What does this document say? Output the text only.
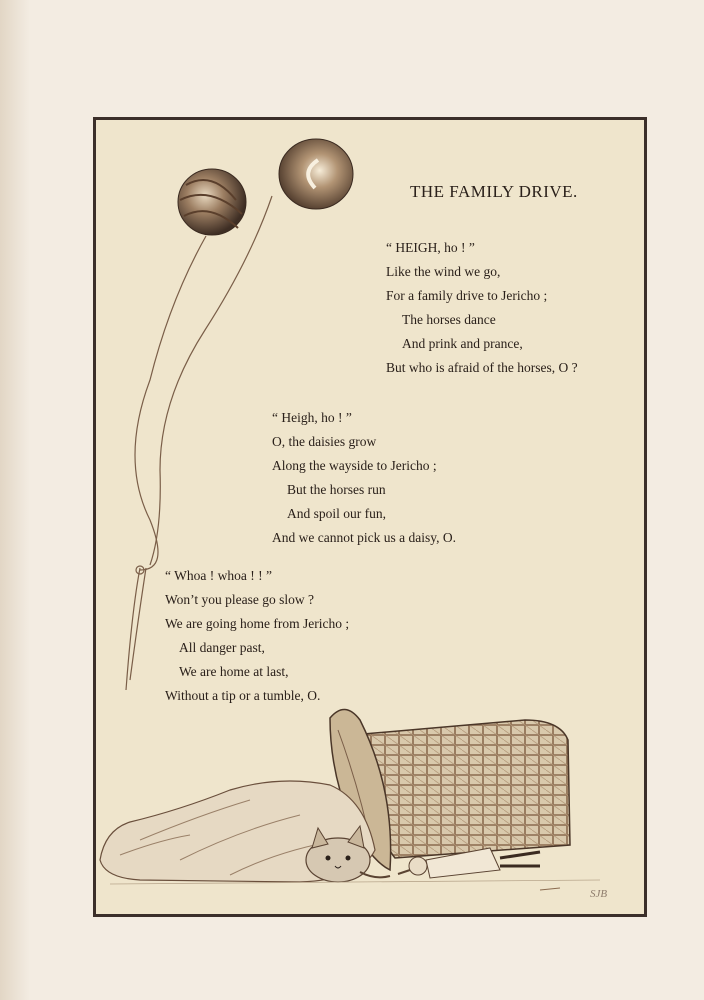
THE FAMILY DRIVE.
“ HEIGH, ho ! ”
Like the wind we go,
For a family drive to Jericho ;
The horses dance
And prink and prance,
But who is afraid of the horses, O ?
“ Heigh, ho ! ”
O, the daisies grow
Along the wayside to Jericho ;
But the horses run
And spoil our fun,
And we cannot pick us a daisy, O.
“ Whoa ! whoa ! ! ”
Won’t you please go slow ?
We are going home from Jericho ;
All danger past,
We are home at last,
Without a tip or a tumble, O.
SJB
